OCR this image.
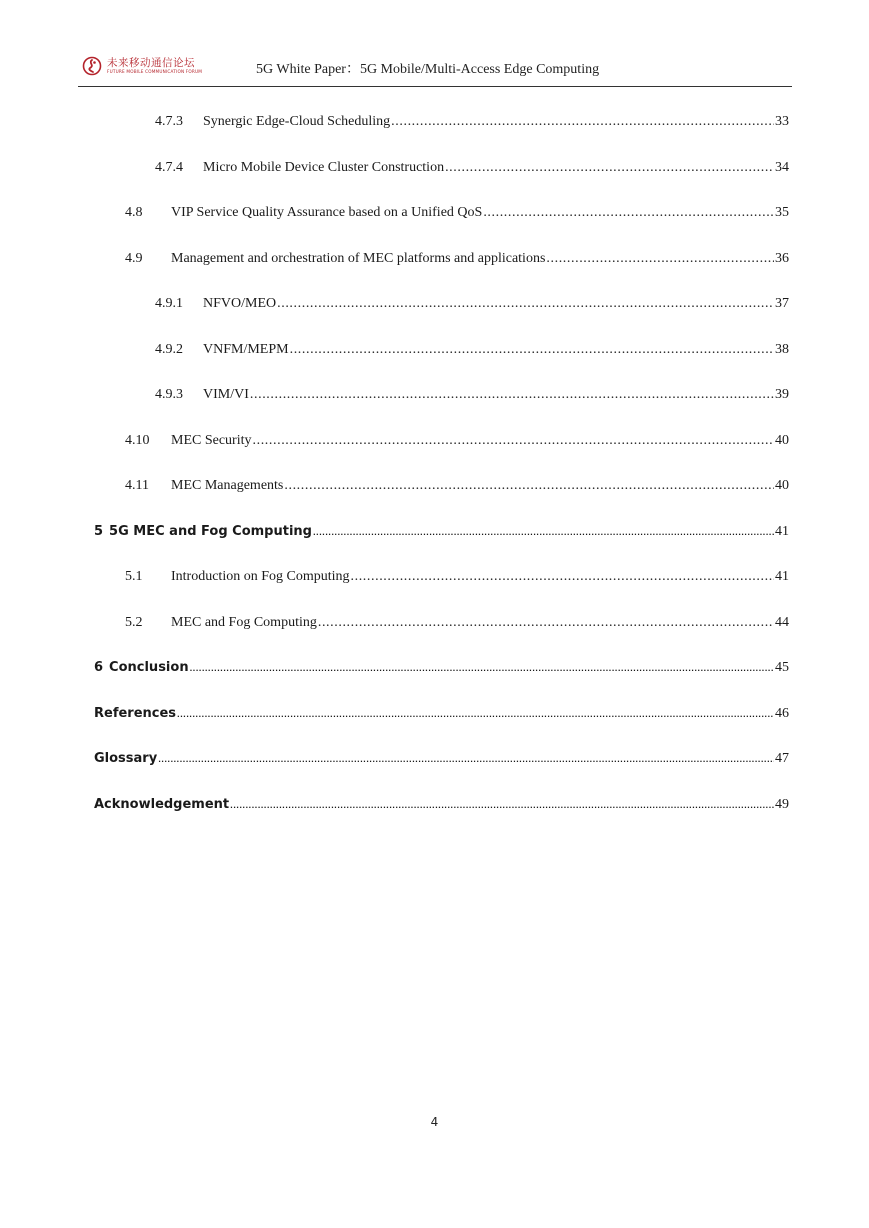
未来移动通信论坛
FUTURE MOBILE COMMUNICATION FORUM	5G White Paper：5G Mobile/Multi-Access Edge Computing
4.7.3	Synergic Edge-Cloud Scheduling .....	33
4.7.4	Micro Mobile Device Cluster Construction .....	34
4.8	VIP Service Quality Assurance based on a Unified QoS .....	35
4.9	Management and orchestration of MEC platforms and applications .....	36
4.9.1	NFVO/MEO .....	37
4.9.2	VNFM/MEPM .....	38
4.9.3	VIM/VI .....	39
4.10	MEC Security .....	40
4.11	MEC Managements .....	40
5 5G MEC and Fog Computing .....	41
5.1	Introduction on Fog Computing .....	41
5.2	MEC and Fog Computing .....	44
6 Conclusion .....	45
References .....	46
Glossary .....	47
Acknowledgement .....	49
4
